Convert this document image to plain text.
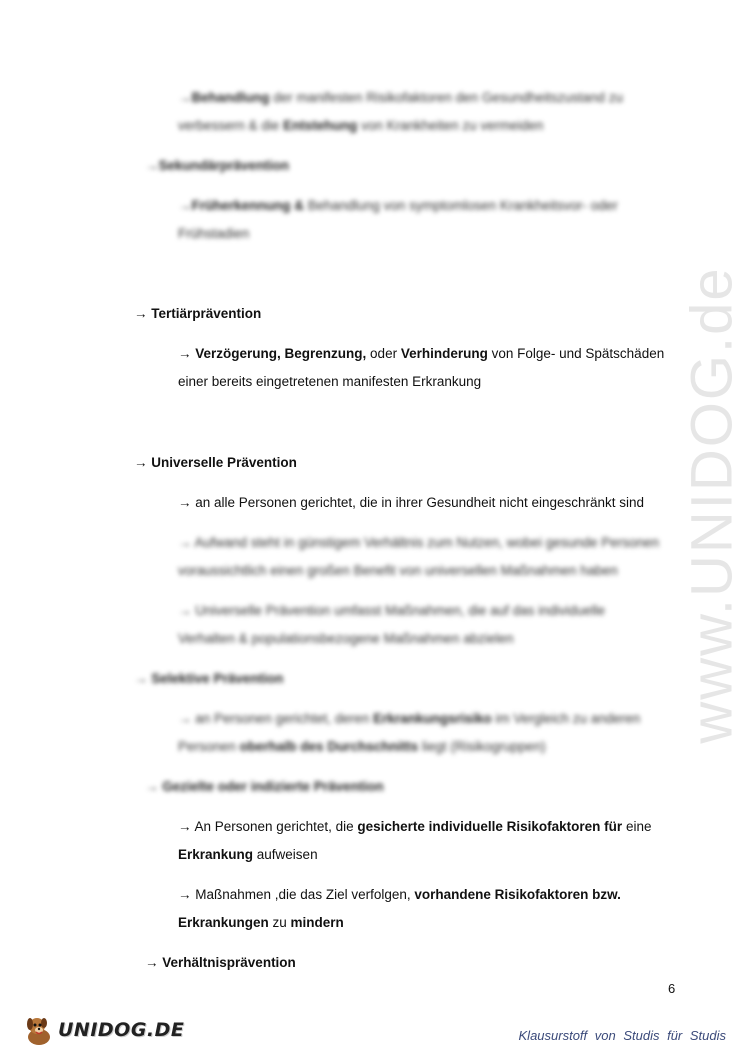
www.UNIDOG.de
→Behandlung der manifesten Risikofaktoren den Gesundheitszustand zu
verbessern & die Entstehung von Krankheiten zu vermeiden
→Sekundärprävention
→Früherkennung & Behandlung von symptomlosen Krankheitsvor- oder
Frühstadien
→ Tertiärprävention
→ Verzögerung, Begrenzung, oder Verhinderung von Folge- und Spätschäden
einer bereits eingetretenen manifesten Erkrankung
→ Universelle Prävention
→ an alle Personen gerichtet, die in ihrer Gesundheit nicht eingeschränkt sind
→ Aufwand steht in günstigem Verhältnis zum Nutzen, wobei gesunde Personen
voraussichtlich einen großen Benefit von universellen Maßnahmen haben
→ Universelle Prävention umfasst Maßnahmen, die auf das individuelle
Verhalten & populationsbezogene Maßnahmen abzielen
→ Selektive Prävention
→ an Personen gerichtet, deren Erkrankungsrisiko im Vergleich zu anderen
Personen oberhalb des Durchschnitts liegt (Risikogruppen)
→ Gezielte oder indizierte Prävention
→ An Personen gerichtet, die gesicherte individuelle Risikofaktoren für eine
Erkrankung aufweisen
→ Maßnahmen ,die das Ziel verfolgen, vorhandene Risikofaktoren bzw.
Erkrankungen zu mindern
→ Verhältnisprävention
6
UNIDOG.DE	Klausurstoff von Studis für Studis
